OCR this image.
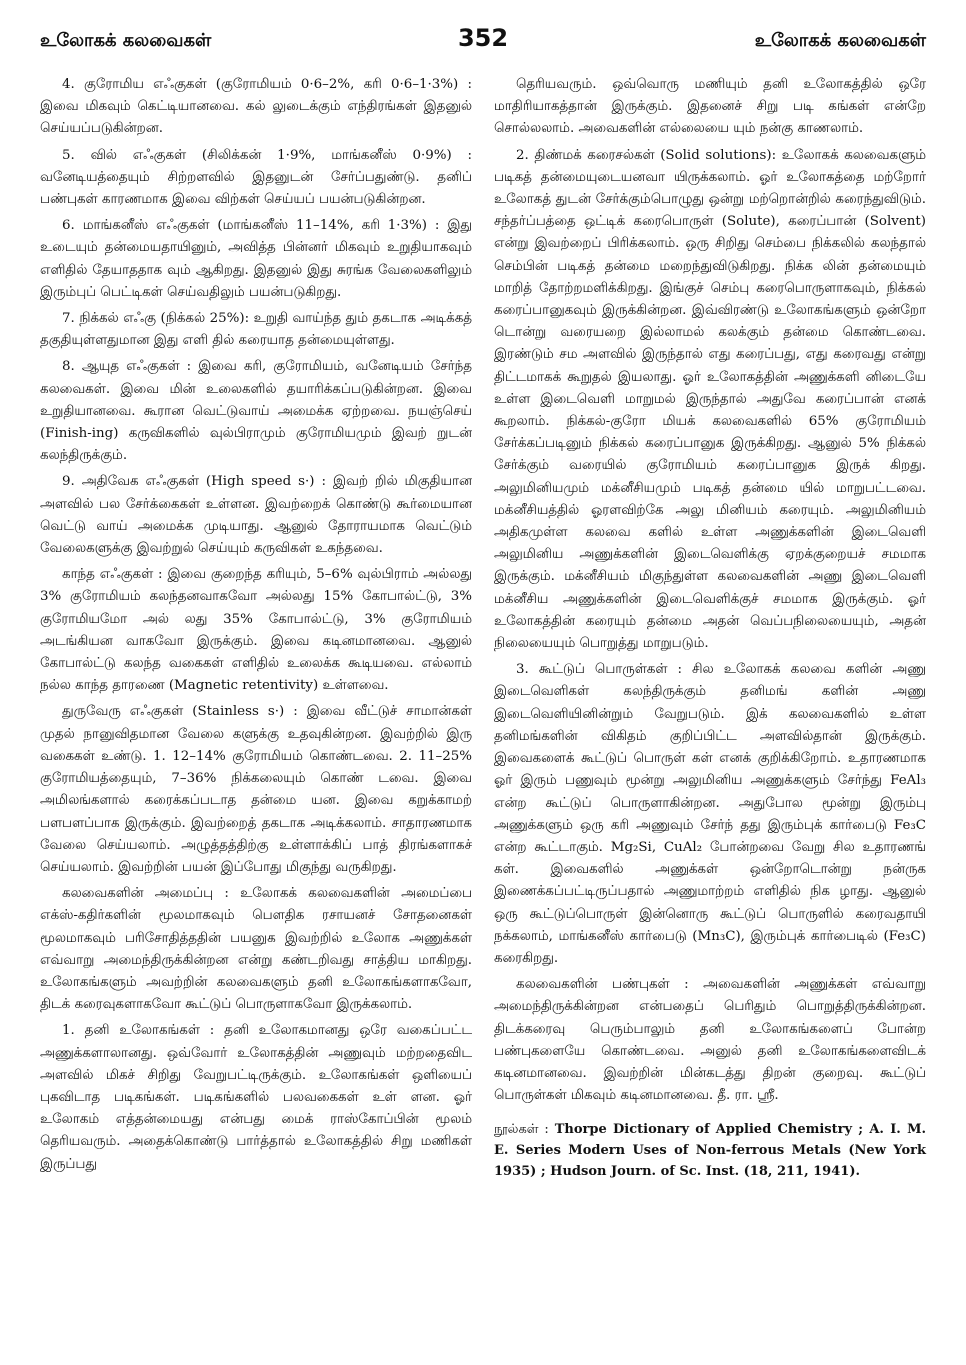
உலோகக் கலவைகள்	352	உலோகக் கலவைகள்

4. குரோமிய எஃகுகள் (குரோமியம் 0·6–2%, கரி 0·6–1·3%) : இவை மிகவும் கெட்டியானவை. கல் லுடைக்கும் எந்திரங்கள் இதனுல் செய்யப்படுகின்றன.

5. வில் எஃகுகள் (சிலிக்கன் 1·9%, மாங்கனீஸ் 0·9%) : வனேடியத்தையும் சிற்றளவில் இதனுடன் சேர்ப்பதுண்டு. தனிப் பண்புகள் காரணமாக இவை விற்கள் செய்யப் பயன்படுகின்றன.

6. மாங்கனீஸ் எஃகுகள் (மாங்கனீஸ் 11–14%, கரி 1·3%) : இது உடையும் தன்மையதாயினும், அவித்த பின்னர் மிகவும் உறுதியாகவும் எளிதில் தேயாததாக வும் ஆகிறது. இதனுல் இது சுரங்க வேலைகளிலும் இரும்புப் பெட்டிகள் செய்வதிலும் பயன்படுகிறது.

7. நிக்கல் எஃகு (நிக்கல் 25%): உறுதி வாய்ந்த தும் தகடாக அடிக்கத் தகுதியுள்ளதுமான இது எளி தில் கரையாத தன்மையுள்ளது.

8. ஆயுத எஃகுகள் : இவை கரி, குரோமியம், வனேடியம் சேர்ந்த கலவைகள். இவை மின் உலைகளில் தயாரிக்கப்படுகின்றன. இவை உறுதியானவை. கூரான வெட்டுவாய் அமைக்க ஏற்றவை. நயஞ்செய் (Finish-ing) கருவிகளில் வுல்பிராமும் குரோமியமும் இவற் றுடன் கலந்திருக்கும்.

9. அதிவேக எஃகுகள் (High speed s·) : இவற் றில் மிகுதியான அளவில் பல சேர்க்கைகள் உள்ளன. இவற்றைக் கொண்டு கூர்மையான வெட்டு வாய் அமைக்க முடியாது. ஆனுல் தோராயமாக வெட்டும் வேலைகளுக்கு இவற்றுல் செய்யும் கருவிகள் உகந்தவை.

காந்த எஃகுகள் : இவை குறைந்த கரியும், 5–6% வுல்பிராம் அல்லது 3% குரோமியம் கலந்தனவாகவோ அல்லது 15% கோபால்ட்டு, 3% குரோமியமோ அல் லது 35% கோபால்ட்டு, 3% குரோமியம் அடங்கியன வாகவோ இருக்கும். இவை கடினமானவை. ஆனுல் கோபால்ட்டு கலந்த வகைகள் எளிதில் உலைக்க கூடியவை. எல்லாம் நல்ல காந்த தாரணை (Magnetic retentivity) உள்ளவை.

துருவேரு எஃகுகள் (Stainless s·) : இவை வீட்டுச் சாமான்கள் முதல் நானுவிதமான வேலை களுக்கு உதவுகின்றன. இவற்றில் இரு வகைகள் உண்டு. 1. 12–14% குரோமியம் கொண்டவை. 2. 11–25% குரோமியத்தையும், 7–36% நிக்கலையும் கொண் டவை. இவை அமிலங்களால் கரைக்கப்படாத தன்மை யன. இவை கறுக்காமற் பளபளப்பாக இருக்கும். இவற்றைத் தகடாக அடிக்கலாம். சாதாரணமாக வேலை செய்யலாம். அழுத்தத்திற்கு உள்ளாக்கிப் பாத் திரங்களாகச் செய்யலாம். இவற்றின் பயன் இப்போது மிகுந்து வருகிறது.

கலவைகளின் அமைப்பு : உலோகக் கலவைகளின் அமைப்பை எக்ஸ்-கதிர்களின் மூலமாகவும் பௌதிக ரசாயனச் சோதனைகள் மூலமாகவும் பரிசோதித்ததின் பயனுக இவற்றில் உலோக அணுக்கள் எவ்வாறு அமைந்திருக்கின்றன என்று கண்டறிவது சாத்திய மாகிறது. உலோகங்களும் அவற்றின் கலவைகளும் தனி உலோகங்களாகவோ, திடக் கரைவுகளாகவோ கூட்டுப் பொருளாகவோ இருக்கலாம்.

1. தனி உலோகங்கள் : தனி உலோகமானது ஒரே வகைப்பட்ட அணுக்களாலானது. ஒவ்வோர் உலோகத்தின் அணுவும் மற்றதைவிட அளவில் மிகச் சிறிது வேறுபட்டிருக்கும். உலோகங்கள் ஒளியைப் புகவிடாத படிகங்கள். படிகங்களில் பலவகைகள் உள் ளன. ஓர் உலோகம் எத்தன்மையது என்பது மைக் ராஸ்கோப்பின் மூலம் தெரியவரும். அதைக்கொண்டு பார்த்தால் உலோகத்தில் சிறு மணிகள் இருப்பது

தெரியவரும். ஒவ்வொரு மணியும் தனி உலோகத்தில் ஒரே மாதிரியாகத்தான் இருக்கும். இதனைச் சிறு படி கங்கள் என்றே சொல்லலாம். அவைகளின் எல்லையை யும் நன்கு காணலாம்.

2. திண்மக் கரைசல்கள் (Solid solutions): உலோகக் கலவைகளும் படிகத் தன்மையுடையனவா யிருக்கலாம். ஓர் உலோகத்தை மற்றோர் உலோகத் துடன் சேர்க்கும்பொழுது ஒன்று மற்றொன்றில் கரைந்துவிடும். சந்தர்ப்பத்தை ஒட்டிக் கரைபொருள் (Solute), கரைப்பான் (Solvent) என்று இவற்றைப் பிரிக்கலாம். ஒரு சிறிது செம்பை நிக்கலில் கலந்தால் செம்பின் படிகத் தன்மை மறைந்துவிடுகிறது. நிக்க லின் தன்மையும் மாறித் தோற்றமளிக்கிறது. இங்குச் செம்பு கரைபொருளாகவும், நிக்கல் கரைப்பானுகவும் இருக்கின்றன. இவ்விரண்டு உலோகங்களும் ஒன்றோ டொன்று வரையறை இல்லாமல் கலக்கும் தன்மை கொண்டவை. இரண்டும் சம அளவில் இருந்தால் எது கரைப்பது, எது கரைவது என்று திட்டமாகக் கூறுதல் இயலாது. ஓர் உலோகத்தின் அணுக்களி னிடையே உள்ள இடைவெளி மாறுமல் இருந்தால் அதுவே கரைப்பான் எனக் கூறலாம். நிக்கல்-குரோ மியக் கலவைகளில் 65% குரோமியம் சேர்க்கப்படினும் நிக்கல் கரைப்பானுக இருக்கிறது. ஆனுல் 5% நிக்கல் சேர்க்கும் வரையில் குரோமியம் கரைப்பானுக இருக் கிறது. அலுமினியமும் மக்னீசியமும் படிகத் தன்மை யில் மாறுபட்டவை. மக்னீசியத்தில் ஓரளவிற்கே அலு மினியம் கரையும். அலுமினியம் அதிகமுள்ள கலவை களில் உள்ள அணுக்களின் இடைவெளி அலுமினிய அணுக்களின் இடைவெளிக்கு ஏறக்குறையச் சமமாக இருக்கும். மக்னீசியம் மிகுந்துள்ள கலவைகளின் அணு இடைவெளி மக்னீசிய அணுக்களின் இடைவெளிக்குச் சமமாக இருக்கும். ஓர் உலோகத்தின் கரையும் தன்மை அதன் வெப்பநிலையையும், அதன் நிலையையும் பொறுத்து மாறுபடும்.

3. கூட்டுப் பொருள்கள் : சில உலோகக் கலவை களின் அணு இடைவெளிகள் கலந்திருக்கும் தனிமங் களின் அணு இடைவெளியினின்றும் வேறுபடும். இக் கலவைகளில் உள்ள தனிமங்களின் விகிதம் குறிப்பிட்ட அளவில்தான் இருக்கும். இவைகளைக் கூட்டுப் பொருள் கள் எனக் குறிக்கிறோம். உதாரணமாக ஓர் இரும் பணுவும் மூன்று அலுமினிய அணுக்களும் சேர்ந்து FeAl₃ என்ற கூட்டுப் பொருளாகின்றன. அதுபோல மூன்று இரும்பு அணுக்களும் ஒரு கரி அணுவும் சேர்ந் தது இரும்புக் கார்பைடு Fe₃C என்ற கூட்டாகும். Mg₂Si, CuAl₂ போன்றவை வேறு சில உதாரணங் கள். இவைகளில் அணுக்கள் ஒன்றோடொன்று நன்ருக இணைக்கப்பட்டிருப்பதால் அணுமாற்றம் எளிதில் நிக ழாது. ஆனுல் ஒரு கூட்டுப்பொருள் இன்னொரு கூட்டுப் பொருளில் கரைவதாயி நக்கலாம், மாங்கனீஸ் கார்பைடு (Mn₃C), இரும்புக் கார்பைடில் (Fe₃C) கரைகிறது.

கலவைகளின் பண்புகள் : அவைகளின் அணுக்கள் எவ்வாறு அமைந்திருக்கின்றன என்பதைப் பெரிதும் பொறுத்திருக்கின்றன. திடக்கரைவு பெரும்பாலும் தனி உலோகங்களைப் போன்ற பண்புகளையே கொண்டவை. அனுல் தனி உலோகங்களைவிடக் கடினமானவை. இவற்றின் மின்கடத்து திறன் குறைவு. கூட்டுப் பொருள்கள் மிகவும் கடினமானவை. தீ. ரா. ஸ்ரீ.

நூல்கள் : Thorpe Dictionary of Applied Chemistry ; A. I. M. E. Series Modern Uses of Non-ferrous Metals (New York 1935) ; Hudson Journ. of Sc. Inst. (18, 211, 1941).
